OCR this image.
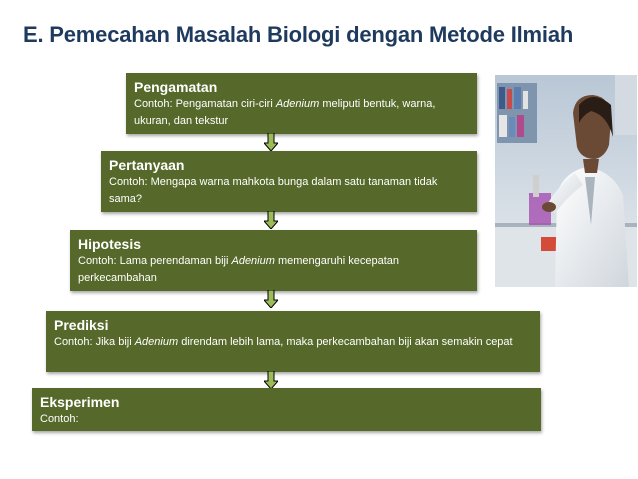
E. Pemecahan Masalah Biologi dengan Metode Ilmiah
Pengamatan
Contoh: Pengamatan ciri-ciri Adenium meliputi bentuk, warna, ukuran, dan tekstur
Pertanyaan
Contoh: Mengapa warna mahkota bunga dalam satu tanaman tidak sama?
Hipotesis
Contoh: Lama perendaman biji Adenium memengaruhi kecepatan perkecambahan
Prediksi
Contoh: Jika biji Adenium direndam lebih lama, maka perkecambahan biji akan semakin cepat
Eksperimen
Contoh:
